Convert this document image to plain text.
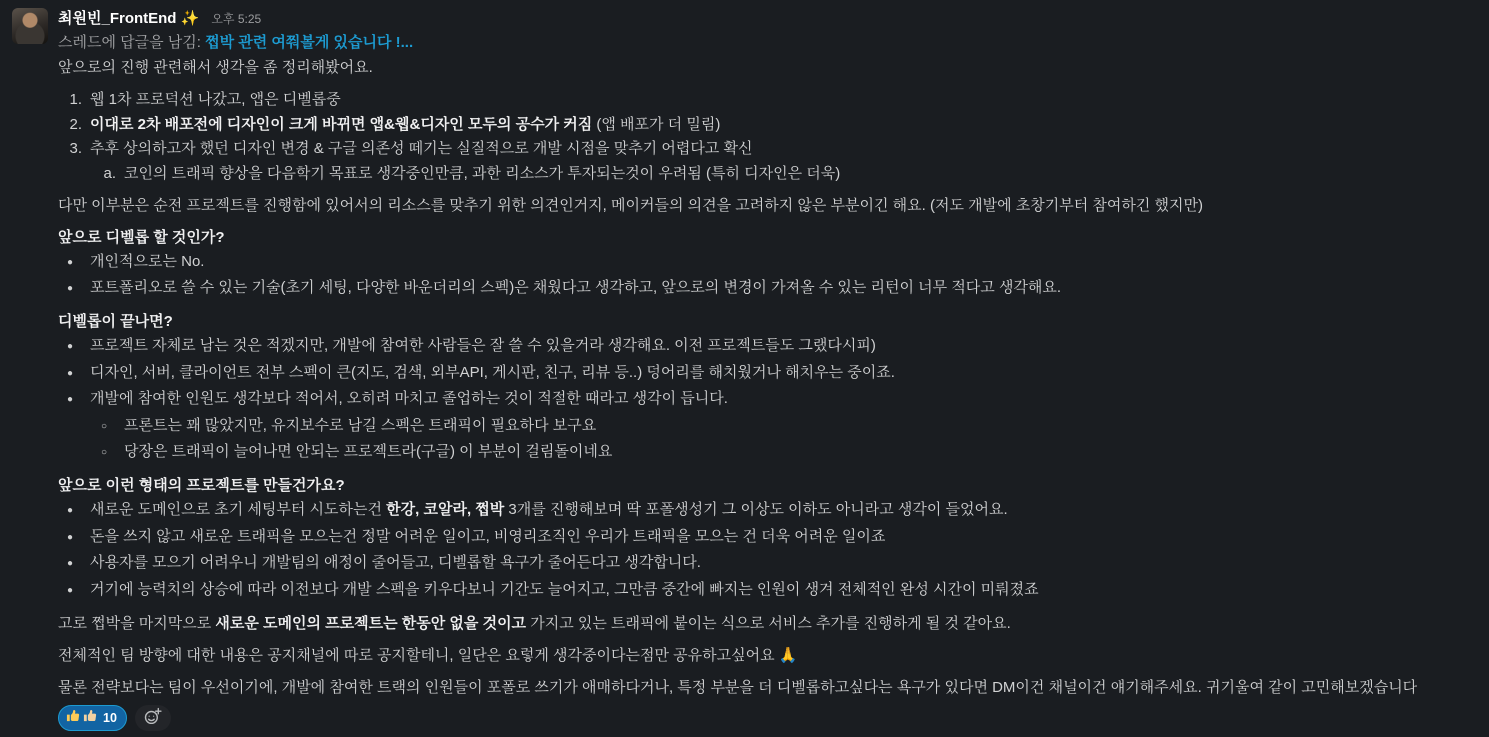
최원빈_FrontEnd ✨ 오후 5:25
스레드에 답글을 남김: 쩝박 관련 여쭤볼게 있습니다 !...

앞으로의 진행 관련해서 생각을 좀 정리해봤어요.

1. 웹 1차 프로덕션 나갔고, 앱은 디벨롭중
2. 이대로 2차 배포전에 디자인이 크게 바뀌면 앱&웹&디자인 모두의 공수가 커짐 (앱 배포가 더 밀림)
3. 추후 상의하고자 했던 디자인 변경 & 구글 의존성 떼기는 실질적으로 개발 시점을 맞추기 어렵다고 확신
a. 코인의 트래픽 향상을 다음학기 목표로 생각중인만큼, 과한 리소스가 투자되는것이 우려됨 (특히 디자인은 더욱)

다만 이부분은 순전 프로젝트를 진행함에 있어서의 리소스를 맞추기 위한 의견인거지, 메이커들의 의견을 고려하지 않은 부분이긴 해요. (저도 개발에 초창기부터 참여하긴 했지만)

앞으로 디벨롭 할 것인가?
●	개인적으로는 No.
●	포트폴리오로 쓸 수 있는 기술(초기 세팅, 다양한 바운더리의 스펙)은 채웠다고 생각하고, 앞으로의 변경이 가져올 수 있는 리턴이 너무 적다고 생각해요.
디벨롭이 끝나면?
●	프로젝트 자체로 남는 것은 적겠지만, 개발에 참여한 사람들은 잘 쓸 수 있을거라 생각해요. 이전 프로젝트들도 그랬다시피)
●	디자인, 서버, 클라이언트 전부 스펙이 큰(지도, 검색, 외부API, 게시판, 친구, 리뷰 등..) 덩어리를 해치웠거나 해치우는 중이죠.
●	개발에 참여한 인원도 생각보다 적어서, 오히려 마치고 졸업하는 것이 적절한 때라고 생각이 듭니다.
○	프론트는 꽤 많았지만, 유지보수로 남길 스펙은 트래픽이 필요하다 보구요
○	당장은 트래픽이 늘어나면 안되는 프로젝트라(구글) 이 부분이 걸림돌이네요
앞으로 이런 형태의 프로젝트를 만들건가요?
●	새로운 도메인으로 초기 세팅부터 시도하는건 한강, 코알라, 쩝박 3개를 진행해보며 딱 포폴생성기 그 이상도 이하도 아니라고 생각이 들었어요.
●	돈을 쓰지 않고 새로운 트래픽을 모으는건 정말 어려운 일이고, 비영리조직인 우리가 트래픽을 모으는 건 더욱 어려운 일이죠
●	사용자를 모으기 어려우니 개발팀의 애정이 줄어들고, 디벨롭할 욕구가 줄어든다고 생각합니다.
●	거기에 능력치의 상승에 따라 이전보다 개발 스펙을 키우다보니 기간도 늘어지고, 그만큼 중간에 빠지는 인원이 생겨 전체적인 완성 시간이 미뤄졌죠

고로 쩝박을 마지막으로 새로운 도메인의 프로젝트는 한동안 없을 것이고 가지고 있는 트래픽에 붙이는 식으로 서비스 추가를 진행하게 될 것 같아요.

전체적인 팀 방향에 대한 내용은 공지채널에 따로 공지할테니, 일단은 요렇게 생각중이다는점만 공유하고싶어요 🙏

물론 전략보다는 팀이 우선이기에, 개발에 참여한 트랙의 인원들이 포폴로 쓰기가 애매하다거나, 특정 부분을 더 디벨롭하고싶다는 욕구가 있다면 DM이건 채널이건 얘기해주세요. 귀기울여 같이 고민해보겠습니다

10
